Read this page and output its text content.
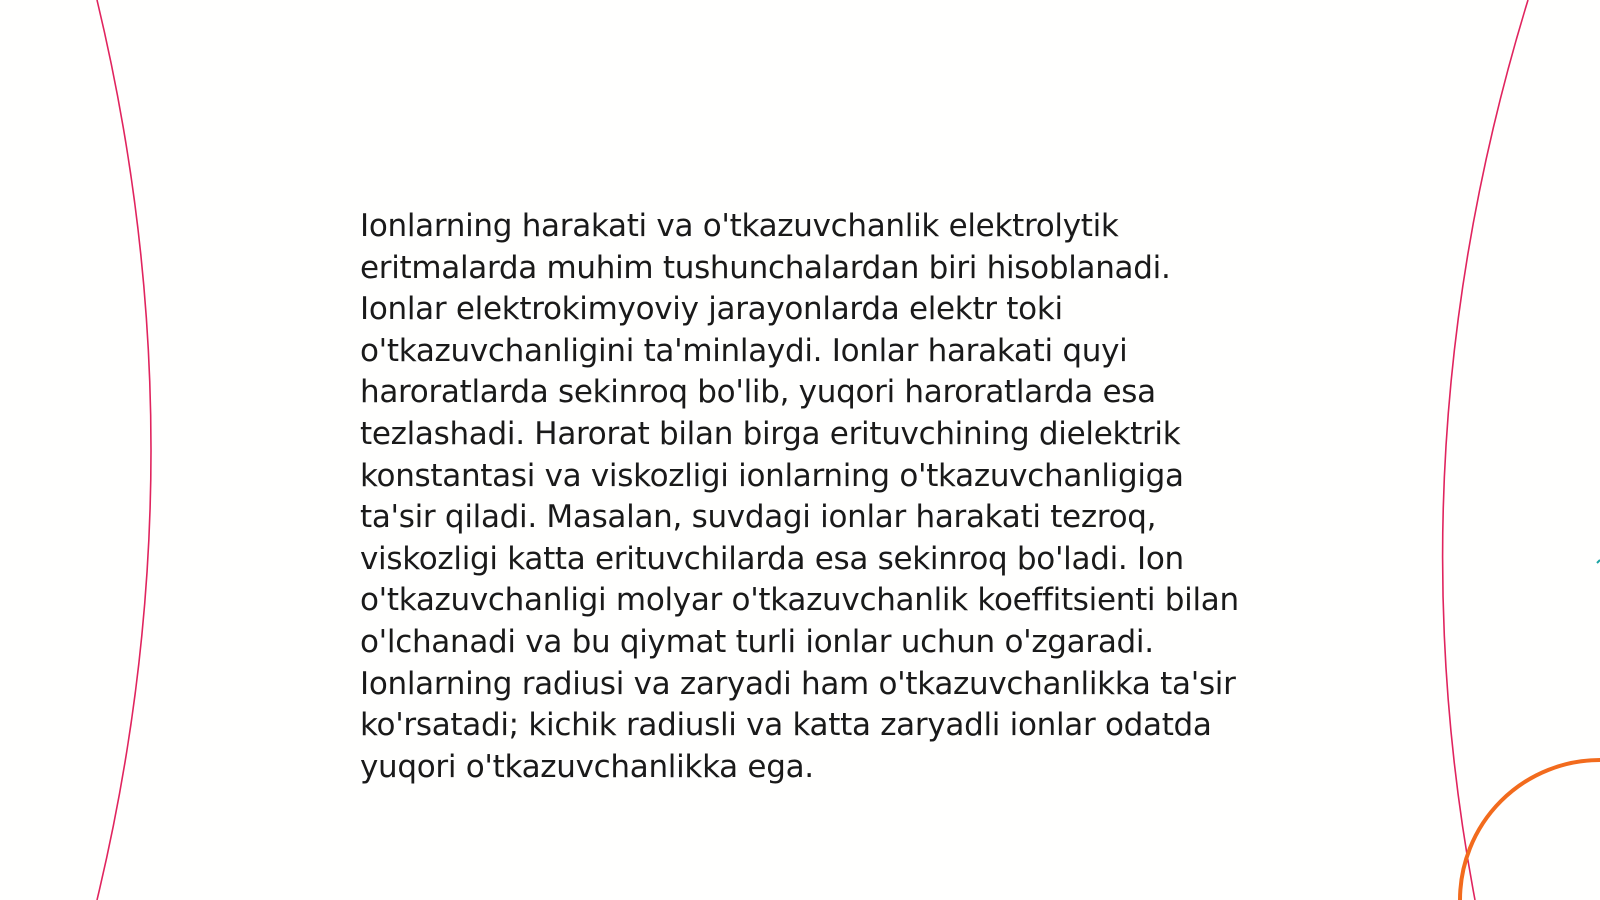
Ionlarning harakati va o'tkazuvchanlik elektrolytik eritmalarda muhim tushunchalardan biri hisoblanadi. Ionlar elektrokimyoviy jarayonlarda elektr toki o'tkazuvchanligini ta'minlaydi. Ionlar harakati quyi haroratlarda sekinroq bo'lib, yuqori haroratlarda esa tezlashadi. Harorat bilan birga erituvchining dielektrik konstantasi va viskozligi ionlarning o'tkazuvchanligiga ta'sir qiladi. Masalan, suvdagi ionlar harakati tezroq, viskozligi katta erituvchilarda esa sekinroq bo'ladi. Ion o'tkazuvchanligi molyar o'tkazuvchanlik koeffitsienti bilan o'lchanadi va bu qiymat turli ionlar uchun o'zgaradi. Ionlarning radiusi va zaryadi ham o'tkazuvchanlikka ta'sir ko'rsatadi; kichik radiusli va katta zaryadli ionlar odatda yuqori o'tkazuvchanlikka ega.
